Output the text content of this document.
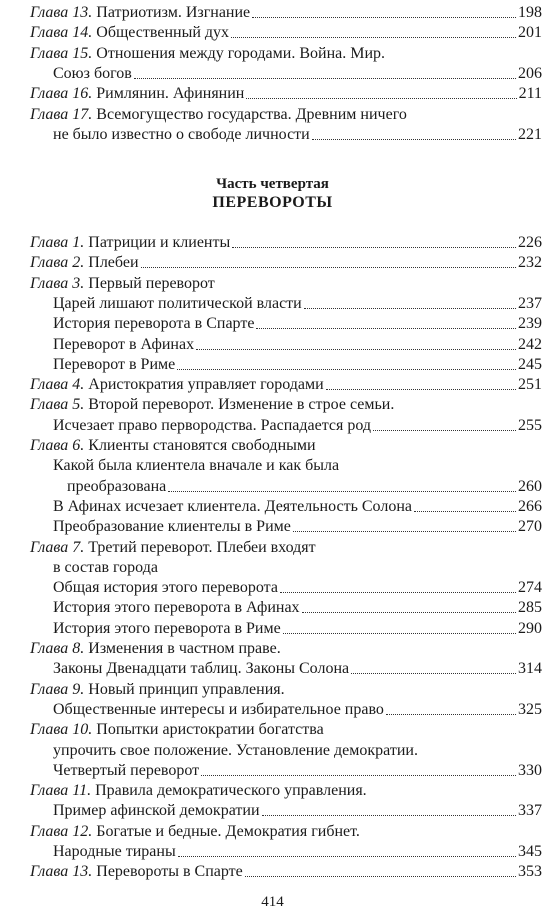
Глава 13. Патриотизм. Изгнание	198
Глава 14. Общественный дух	201
Глава 15. Отношения между городами. Война. Мир.
Союз богов	206
Глава 16. Римлянин. Афинянин	211
Глава 17. Всемогущество государства. Древним ничего
не было известно о свободе личности	221
Часть четвертая
ПЕРЕВОРОТЫ
Глава 1. Патриции и клиенты	226
Глава 2. Плебеи	232
Глава 3. Первый переворот
Царей лишают политической власти	237
История переворота в Спарте	239
Переворот в Афинах	242
Переворот в Риме	245
Глава 4. Аристократия управляет городами	251
Глава 5. Второй переворот. Изменение в строе семьи.
Исчезает право первородства. Распадается род	255
Глава 6. Клиенты становятся свободными
Какой была клиентела вначале и как была
преобразована	260
В Афинах исчезает клиентела. Деятельность Солона	266
Преобразование клиентелы в Риме	270
Глава 7. Третий переворот. Плебеи входят
в состав города
Общая история этого переворота	274
История этого переворота в Афинах	285
История этого переворота в Риме	290
Глава 8. Изменения в частном праве.
Законы Двенадцати таблиц. Законы Солона	314
Глава 9. Новый принцип управления.
Общественные интересы и избирательное право	325
Глава 10. Попытки аристократии богатства
упрочить свое положение. Установление демократии.
Четвертый переворот	330
Глава 11. Правила демократического управления.
Пример афинской демократии	337
Глава 12. Богатые и бедные. Демократия гибнет.
Народные тираны	345
Глава 13. Перевороты в Спарте	353
414
